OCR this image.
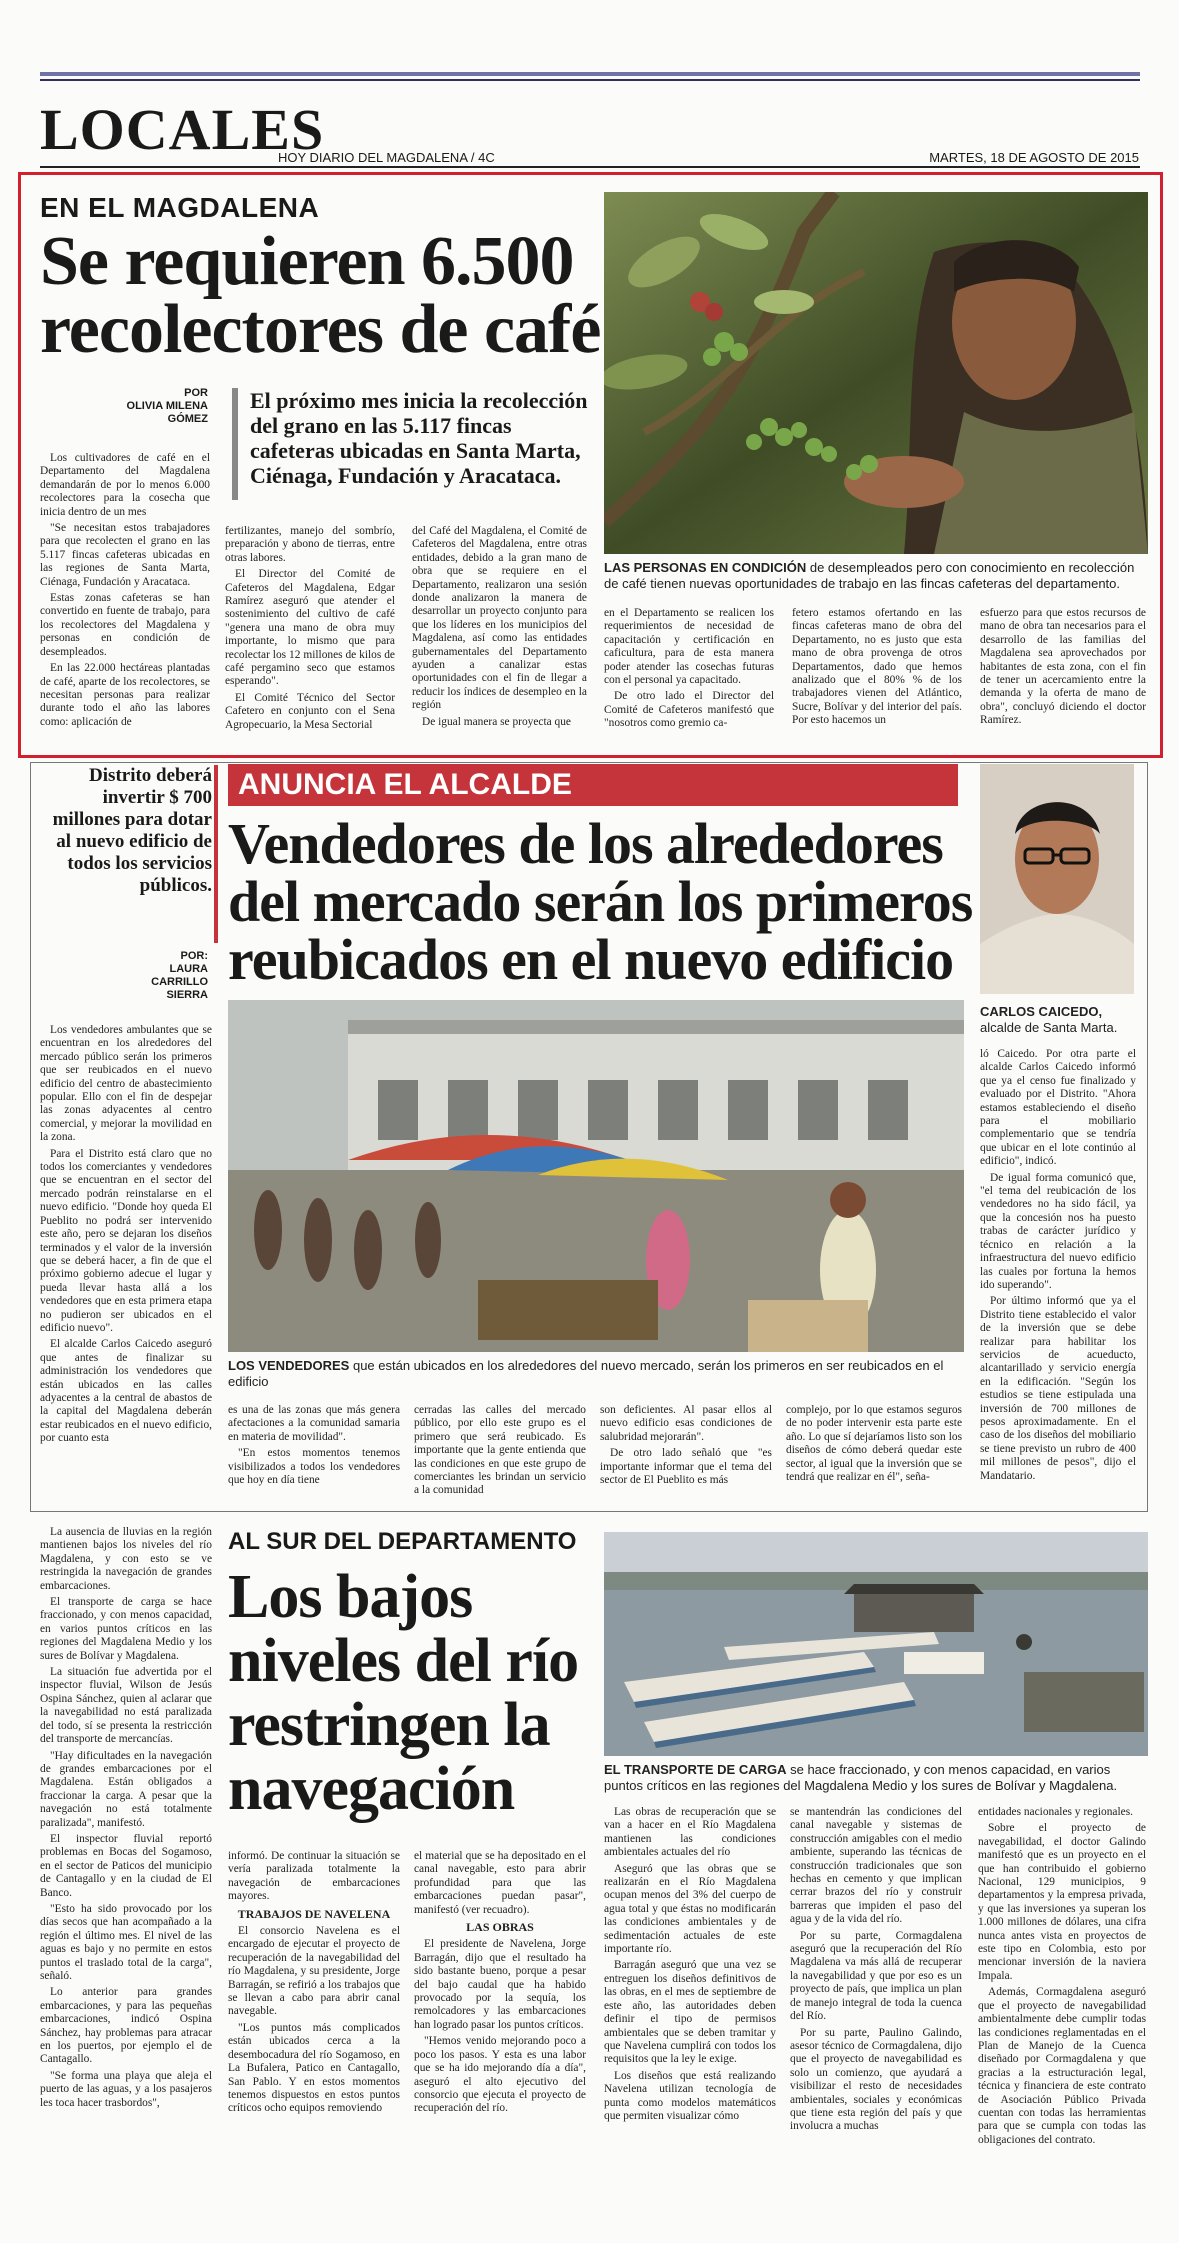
LOCALES
HOY DIARIO DEL MAGDALENA / 4C	MARTES, 18 DE AGOSTO DE 2015
EN EL MAGDALENA
Se requieren 6.500 recolectores de café
POR
OLIVIA MILENA GÓMEZ
El próximo mes inicia la recolección del grano en las 5.117 fincas cafeteras ubicadas en Santa Marta, Ciénaga, Fundación y Aracataca.
LAS PERSONAS EN CONDICIÓN de desempleados pero con conocimiento en recolección de café tienen nuevas oportunidades de trabajo en las fincas cafeteras del departamento.

Los cultivadores de café en el Departamento del Magdalena demandarán de por lo menos 6.000 recolectores para la cosecha que inicia dentro de un mes

"Se necesitan estos trabajadores para que recolecten el grano en las 5.117 fincas cafeteras ubicadas en las regiones de Santa Marta, Ciénaga, Fundación y Aracataca.

Estas zonas cafeteras se han convertido en fuente de trabajo, para los recolectores del Magdalena y personas en condición de desempleados.

En las 22.000 hectáreas plantadas de café, aparte de los recolectores, se necesitan personas para realizar durante todo el año las labores como: aplicación de

fertilizantes, manejo del sombrío, preparación y abono de tierras, entre otras labores.

El Director del Comité de Cafeteros del Magdalena, Edgar Ramírez aseguró que atender el sostenimiento del cultivo de café "genera una mano de obra muy importante, lo mismo que para recolectar los 12 millones de kilos de café pergamino seco que estamos esperando".

El Comité Técnico del Sector Cafetero en conjunto con el Sena Agropecuario, la Mesa Sectorial

del Café del Magdalena, el Comité de Cafeteros del Magdalena, entre otras entidades, debido a la gran mano de obra que se requiere en el Departamento, realizaron una sesión donde analizaron la manera de desarrollar un proyecto conjunto para que los líderes en los municipios del Magdalena, así como las entidades gubernamentales del Departamento ayuden a canalizar estas oportunidades con el fin de llegar a reducir los índices de desempleo en la región

De igual manera se proyecta que

en el Departamento se realicen los requerimientos de necesidad de capacitación y certificación en caficultura, para de esta manera poder atender las cosechas futuras con el personal ya capacitado.

De otro lado el Director del Comité de Cafeteros manifestó que "nosotros como gremio ca-

fetero estamos ofertando en las fincas cafeteras mano de obra del Departamento, no es justo que esta mano de obra provenga de otros Departamentos, dado que hemos analizado que el 80% % de los trabajadores vienen del Atlántico, Sucre, Bolívar y del interior del país. Por esto hacemos un

esfuerzo para que estos recursos de mano de obra tan necesarios para el desarrollo de las familias del Magdalena sea aprovechados por habitantes de esta zona, con el fin de tener un acercamiento entre la demanda y la oferta de mano de obra", concluyó diciendo el doctor Ramírez.

Distrito deberá invertir $ 700 millones para dotar al nuevo edificio de todos los servicios públicos.
POR:
LAURA CARRILLO SIERRA
ANUNCIA EL ALCALDE
Vendedores de los alrededores del mercado serán los primeros reubicados en el nuevo edificio
CARLOS CAICEDO, alcalde de Santa Marta.
LOS VENDEDORES que están ubicados en los alrededores del nuevo mercado, serán los primeros en ser reubicados en el edificio

Los vendedores ambulantes que se encuentran en los alrededores del mercado público serán los primeros que ser reubicados en el nuevo edificio del centro de abastecimiento popular. Ello con el fin de despejar las zonas adyacentes al centro comercial, y mejorar la movilidad en la zona.

Para el Distrito está claro que no todos los comerciantes y vendedores que se encuentran en el sector del mercado podrán reinstalarse en el nuevo edificio. "Donde hoy queda El Pueblito no podrá ser intervenido este año, pero se dejaran los diseños terminados y el valor de la inversión que se deberá hacer, a fin de que el próximo gobierno adecue el lugar y pueda llevar hasta allá a los vendedores que en esta primera etapa no pudieron ser ubicados en el edificio nuevo".

El alcalde Carlos Caicedo aseguró que antes de finalizar su administración los vendedores que están ubicados en las calles adyacentes a la central de abastos de la capital del Magdalena deberán estar reubicados en el nuevo edificio, por cuanto esta

es una de las zonas que más genera afectaciones a la comunidad samaria en materia de movilidad".

"En estos momentos tenemos visibilizados a todos los vendedores que hoy en día tiene

cerradas las calles del mercado público, por ello este grupo es el primero que será reubicado. Es importante que la gente entienda que las condiciones en que este grupo de comerciantes les brindan un servicio a la comunidad

son deficientes. Al pasar ellos al nuevo edificio esas condiciones de salubridad mejorarán".

De otro lado señaló que "es importante informar que el tema del sector de El Pueblito es más

complejo, por lo que estamos seguros de no poder intervenir esta parte este año. Lo que sí dejaríamos listo son los diseños de cómo deberá quedar este sector, al igual que la inversión que se tendrá que realizar en él", seña-

ló Caicedo. Por otra parte el alcalde Carlos Caicedo informó que ya el censo fue finalizado y evaluado por el Distrito. "Ahora estamos estableciendo el diseño para el mobiliario complementario que se tendría que ubicar en el lote continúo al edificio", indicó.

De igual forma comunicó que, "el tema del reubicación de los vendedores no ha sido fácil, ya que la concesión nos ha puesto trabas de carácter jurídico y técnico en relación a la infraestructura del nuevo edificio las cuales por fortuna la hemos ido superando".

Por último informó que ya el Distrito tiene establecido el valor de la inversión que se debe realizar para habilitar los servicios de acueducto, alcantarillado y servicio energía en la edificación. "Según los estudios se tiene estipulada una inversión de 700 millones de pesos aproximadamente. En el caso de los diseños del mobiliario se tiene previsto un rubro de 400 mil millones de pesos", dijo el Mandatario.

La ausencia de lluvias en la región mantienen bajos los niveles del río Magdalena, y con esto se ve restringida la navegación de grandes embarcaciones.

El transporte de carga se hace fraccionado, y con menos capacidad, en varios puntos críticos en las regiones del Magdalena Medio y los sures de Bolívar y Magdalena.

La situación fue advertida por el inspector fluvial, Wilson de Jesús Ospina Sánchez, quien al aclarar que la navegabilidad no está paralizada del todo, sí se presenta la restricción del transporte de mercancías.

"Hay dificultades en la navegación de grandes embarcaciones por el Magdalena. Están obligados a fraccionar la carga. A pesar que la navegación no está totalmente paralizada", manifestó.

El inspector fluvial reportó problemas en Bocas del Sogamoso, en el sector de Paticos del municipio de Cantagallo y en la ciudad de El Banco.

"Esto ha sido provocado por los días secos que han acompañado a la región el último mes. El nivel de las aguas es bajo y no permite en estos puntos el traslado total de la carga", señaló.

Lo anterior para grandes embarcaciones, y para las pequeñas embarcaciones, indicó Ospina Sánchez, hay problemas para atracar en los puertos, por ejemplo el de Cantagallo.

"Se forma una playa que aleja el puerto de las aguas, y a los pasajeros les toca hacer trasbordos",

AL SUR DEL DEPARTAMENTO
Los bajos
niveles del río
restringen la
navegación	EL TRANSPORTE DE CARGA se hace fraccionado, y con menos capacidad, en varios puntos críticos en las regiones del Magdalena Medio y los sures de Bolívar y Magdalena.

informó. De continuar la situación se vería paralizada totalmente la navegación de embarcaciones mayores.

TRABAJOS DE NAVELENA

El consorcio Navelena es el encargado de ejecutar el proyecto de recuperación de la navegabilidad del río Magdalena, y su presidente, Jorge Barragán, se refirió a los trabajos que se llevan a cabo para abrir canal navegable.

"Los puntos más complicados están ubicados cerca a la desembocadura del río Sogamoso, en La Bufalera, Patico en Cantagallo, San Pablo. Y en estos momentos tenemos dispuestos en estos puntos críticos ocho equipos removiendo

el material que se ha depositado en el canal navegable, esto para abrir profundidad para que las embarcaciones puedan pasar", manifestó (ver recuadro).

LAS OBRAS

El presidente de Navelena, Jorge Barragán, dijo que el resultado ha sido bastante bueno, porque a pesar del bajo caudal que ha habido provocado por la sequía, los remolcadores y las embarcaciones han logrado pasar los puntos críticos.

"Hemos venido mejorando poco a poco los pasos. Y esta es una labor que se ha ido mejorando día a día", aseguró el alto ejecutivo del consorcio que ejecuta el proyecto de recuperación del río.

Las obras de recuperación que se van a hacer en el Río Magdalena mantienen las condiciones ambientales actuales del río

Aseguró que las obras que se realizarán en el Río Magdalena ocupan menos del 3% del cuerpo de agua total y que éstas no modificarán las condiciones ambientales y de sedimentación actuales de este importante río.

Barragán aseguró que una vez se entreguen los diseños definitivos de las obras, en el mes de septiembre de este año, las autoridades deben definir el tipo de permisos ambientales que se deben tramitar y que Navelena cumplirá con todos los requisitos que la ley le exige.

Los diseños que está realizando Navelena utilizan tecnología de punta como modelos matemáticos que permiten visualizar cómo

se mantendrán las condiciones del canal navegable y sistemas de construcción amigables con el medio ambiente, superando las técnicas de construcción tradicionales que son hechas en cemento y que implican cerrar brazos del río y construir barreras que impiden el paso del agua y de la vida del río.

Por su parte, Cormagdalena aseguró que la recuperación del Río Magdalena va más allá de recuperar la navegabilidad y que por eso es un proyecto de país, que implica un plan de manejo integral de toda la cuenca del Río.

Por su parte, Paulino Galindo, asesor técnico de Cormagdalena, dijo que el proyecto de navegabilidad es solo un comienzo, que ayudará a visibilizar el resto de necesidades ambientales, sociales y económicas que tiene esta región del país y que involucra a muchas

entidades nacionales y regionales.

Sobre el proyecto de navegabilidad, el doctor Galindo manifestó que es un proyecto en el que han contribuido el gobierno Nacional, 129 municipios, 9 departamentos y la empresa privada, y que las inversiones ya superan los 1.000 millones de dólares, una cifra nunca antes vista en proyectos de este tipo en Colombia, esto por mencionar inversión de la naviera Impala.

Además, Cormagdalena aseguró que el proyecto de navegabilidad ambientalmente debe cumplir todas las condiciones reglamentadas en el Plan de Manejo de la Cuenca diseñado por Cormagdalena y que gracias a la estructuración legal, técnica y financiera de este contrato de Asociación Público Privada cuentan con todas las herramientas para que se cumpla con todas las obligaciones del contrato.
